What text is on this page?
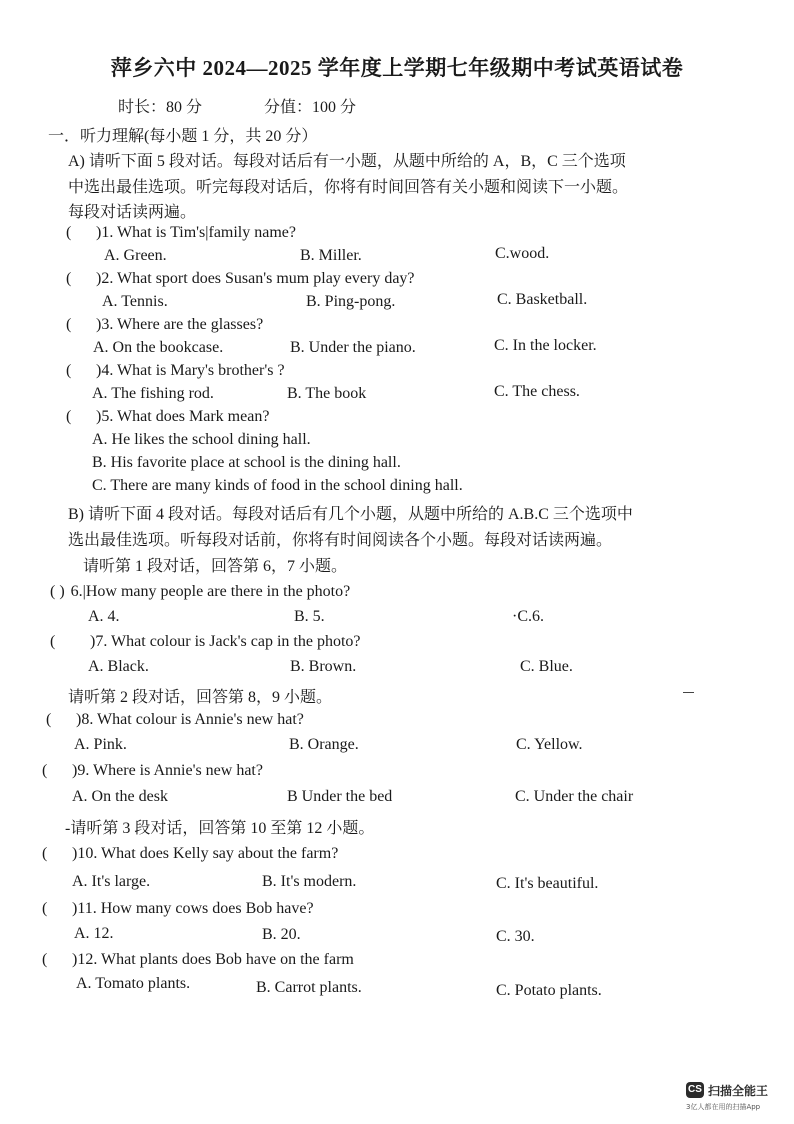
萍乡六中 2024—2025 学年度上学期七年级期中考试英语试卷
时长：80 分	分值：100 分
一．听力理解(每小题 1 分，共 20 分）
A) 请听下面 5 段对话。每段对话后有一小题，从题中所给的 A，B，C 三个选项
中选出最佳选项。听完每段对话后，你将有时间回答有关小题和阅读下一小题。
每段对话读两遍。
( )1. What is Tim's|family name?
A. Green.	B. Miller.	C.wood.
( )2. What sport does Susan's mum play every day?
A. Tennis.	B. Ping-pong.	C. Basketball.
( )3. Where are the glasses?
A. On the bookcase.	B. Under the piano.	C. In the locker.
( )4. What is Mary's brother's ?
A. The fishing rod.	B. The book	C. The chess.
( )5. What does Mark mean?
A. He likes the school dining hall.
B. His favorite place at school is the dining hall.
C. There are many kinds of food in the school dining hall.
B) 请听下面 4 段对话。每段对话后有几个小题，从题中所给的 A.B.C 三个选项中
选出最佳选项。听每段对话前，你将有时间阅读各个小题。每段对话读两遍。
请听第 1 段对话，回答第 6，7 小题。
( ) 6.|How many people are there in the photo?
A. 4.	B. 5.	·C.6.
( )7. What colour is Jack's cap in the photo?
A. Black.	B. Brown.	C. Blue.
请听第 2 段对话，回答第 8，9 小题。
( )8. What colour is Annie's new hat?
A. Pink.	B. Orange.	C. Yellow.
( )9. Where is Annie's new hat?
A. On the desk	B Under the bed	C. Under the chair
-请听第 3 段对话，回答第 10 至第 12 小题。
( )10. What does Kelly say about the farm?
A. It's large.	B. It's modern.	C. It's beautiful.
( )11. How many cows does Bob have?
A. 12.	B. 20.	C. 30.
( )12. What plants does Bob have on the farm
A. Tomato plants.	B. Carrot plants.	C. Potato plants.
CS 扫描全能王
3亿人都在用的扫描App
